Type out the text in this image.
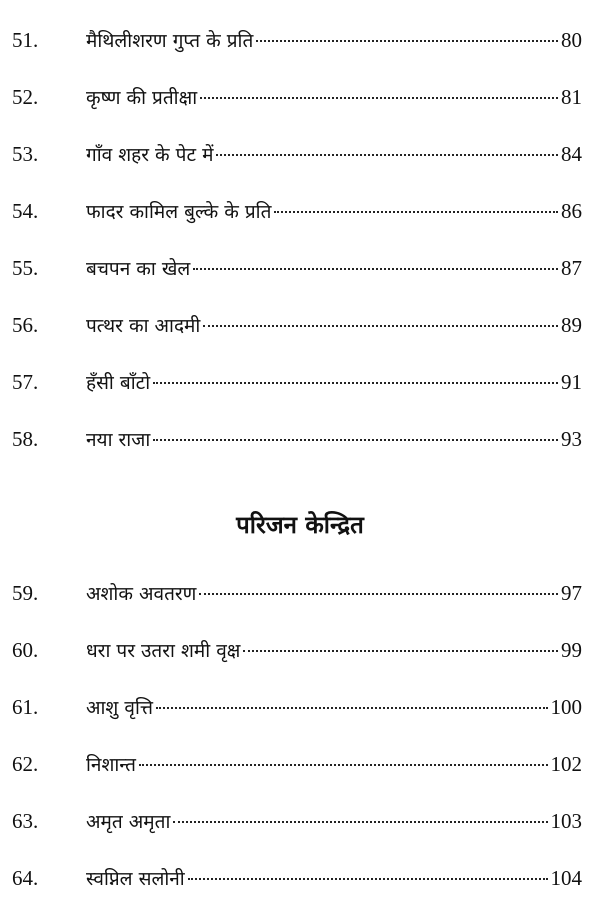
51.	मैथिलीशरण गुप्त के प्रति	80
52.	कृष्ण की प्रतीक्षा	81
53.	गाँव शहर के पेट में	84
54.	फादर कामिल बुल्के के प्रति	86
55.	बचपन का खेल	87
56.	पत्थर का आदमी	89
57.	हँसी बाँटो	91
58.	नया राजा	93
परिजन केन्द्रित
59.	अशोक अवतरण	97
60.	धरा पर उतरा शमी वृक्ष	99
61.	आशु वृत्ति	100
62.	निशान्त	102
63.	अमृत अमृता	103
64.	स्वप्निल सलोनी	104
